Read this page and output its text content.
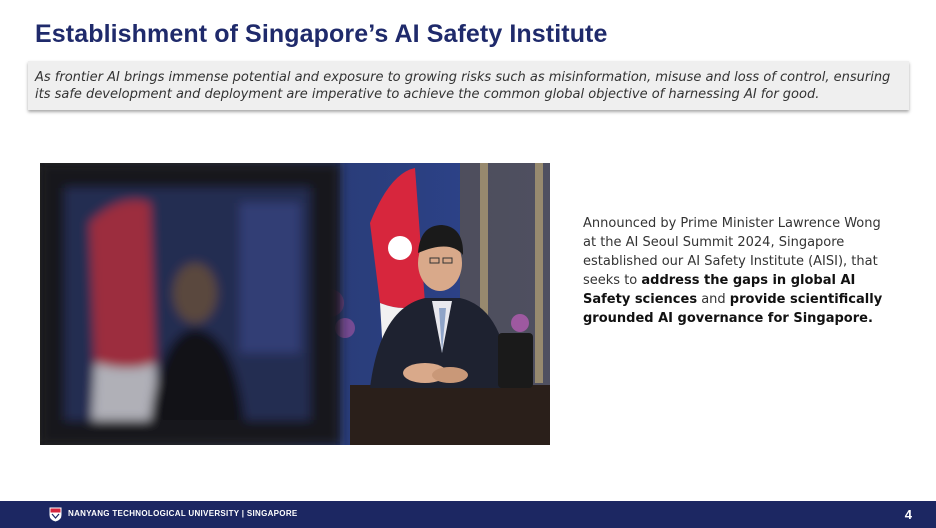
Establishment of Singapore’s AI Safety Institute
As frontier AI brings immense potential and exposure to growing risks such as misinformation, misuse and loss of control, ensuring its safe development and deployment are imperative to achieve the common global objective of harnessing AI for good.
Announced by Prime Minister Lawrence Wong at the AI Seoul Summit 2024, Singapore established our AI Safety Institute (AISI), that seeks to address the gaps in global AI Safety sciences and provide scientifically grounded AI governance for Singapore.
NANYANG TECHNOLOGICAL UNIVERSITY | SINGAPORE	4
